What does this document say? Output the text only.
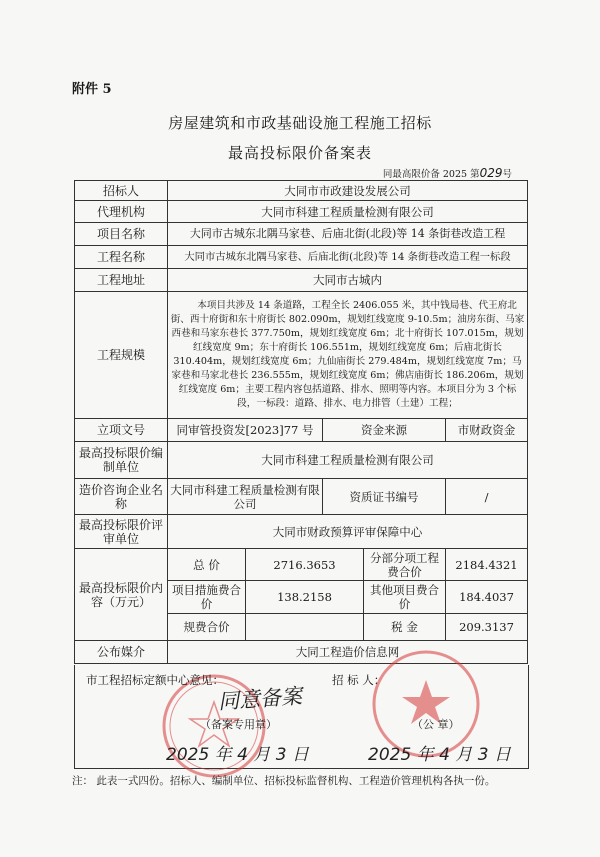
附件 5
房屋建筑和市政基础设施工程施工招标
最高投标限价备案表
同最高限价备 2025 第029号
招标人	大同市市政建设发展公司				
代理机构	大同市科建工程质量检测有限公司				
项目名称	大同市古城东北隅马家巷、后庙北街(北段)等 14 条街巷改造工程				
工程名称	大同市古城东北隅马家巷、后庙北街(北段)等 14 条街巷改造工程一标段				
工程地址	大同市古城内				
工程规模	本项目共涉及 14 条道路，工程全长 2406.055 米，其中钱局巷、代王府北街、西十府街和东十府街长 802.090m，规划红线宽度 9-10.5m；油房东街、马家西巷和马家东巷长 377.750m，规划红线宽度 6m；北十府街长 107.015m，规划红线宽度 9m；东十府街长 106.551m，规划红线宽度 6m；后庙北街长 310.404m，规划红线宽度 6m；九仙庙街长 279.484m，规划红线宽度 7m；马家巷和马家北巷长 236.555m，规划红线宽度 6m；佛店庙街长 186.206m，规划红线宽度 6m；主要工程内容包括道路、排水、照明等内容。本项目分为 3 个标段，一标段：道路、排水、电力排管（土建）工程；				
立项文号	同审管投资发[2023]77 号		资金来源		市财政资金
最高投标限价编制单位	大同市科建工程质量检测有限公司				
造价咨询企业名称	大同市科建工程质量检测有限公司		资质证书编号		/
最高投标限价评审单位	大同市财政预算评审保障中心				
最高投标限价内容（万元）	总 价	2716.3653		分部分项工程费合价	2184.4321
	项目措施费合 价	138.2158		其他项目费合价	184.4037
	规费合价			税 金	209.3137
公布媒介	大同工程造价信息网				
市工程招标定额中心意见：
同意备案
（备案专用章）
2025 年 4 月 3 日
招 标 人：
（公 章）
2025 年 4 月 3 日
注： 此表一式四份。招标人、编制单位、招标投标监督机构、工程造价管理机构各执一份。
